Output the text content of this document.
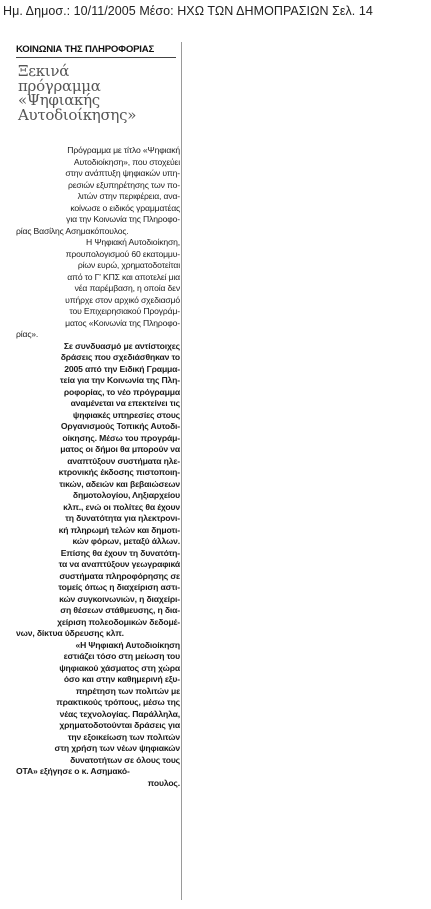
Ημ. Δημοσ.: 10/11/2005 Μέσο: ΗΧΩ ΤΩΝ ΔΗΜΟΠΡΑΣΙΩΝ Σελ. 14
ΚΟΙΝΩΝΙΑ ΤΗΣ ΠΛΗΡΟΦΟΡΙΑΣ
Ξεκινά
πρόγραμμα
«Ψηφιακής
Αυτοδιοίκησης»
Πρόγραμμα με τίτλο «Ψηφιακή
Αυτοδιοίκηση», που στοχεύει
στην ανάπτυξη ψηφιακών υπη-
ρεσιών εξυπηρέτησης των πο-
λιτών στην περιφέρεια, ανα-
κοίνωσε ο ειδικός γραμματέας
για την Κοινωνία της Πληροφο-
ρίας Βασίλης Ασημακόπουλος.
Η Ψηφιακή Αυτοδιοίκηση,
προυπολογισμού 60 εκατομμυ-
ρίων ευρώ, χρηματοδοτείται
από το Γ' ΚΠΣ και αποτελεί μια
νέα παρέμβαση, η οποία δεν
υπήρχε στον αρχικό σχεδιασμό
του Επιχειρησιακού Προγράμ-
ματος «Κοινωνία της Πληροφο-
ρίας».
Σε συνδυασμό με αντίστοιχες
δράσεις που σχεδιάσθηκαν το
2005 από την Ειδική Γραμμα-
τεία για την Κοινωνία της Πλη-
ροφορίας, το νέο πρόγραμμα
αναμένεται να επεκτείνει τις
ψηφιακές υπηρεσίες στους
Οργανισμούς Τοπικής Αυτοδι-
οίκησης. Μέσω του προγράμ-
ματος οι δήμοι θα μπορούν να
αναπτύξουν συστήματα ηλε-
κτρονικής έκδοσης πιστοποιη-
τικών, αδειών και βεβαιώσεων
δημοτολογίου, Ληξιαρχείου
κλπ., ενώ οι πολίτες θα έχουν
τη δυνατότητα για ηλεκτρονι-
κή πληρωμή τελών και δημοτι-
κών φόρων, μεταξύ άλλων.
Επίσης θα έχουν τη δυνατότη-
τα να αναπτύξουν γεωγραφικά
συστήματα πληροφόρησης σε
τομείς όπως η διαχείριση αστι-
κών συγκοινωνιών, η διαχείρι-
ση θέσεων στάθμευσης, η δια-
χείριση πολεοδομικών δεδομέ-
νων, δίκτυα ύδρευσης κλπ.
«Η Ψηφιακή Αυτοδιοίκηση
εστιάζει τόσο στη μείωση του
ψηφιακού χάσματος στη χώρα
όσο και στην καθημερινή εξυ-
πηρέτηση των πολιτών με
πρακτικούς τρόπους, μέσω της
νέας τεχνολογίας. Παράλληλα,
χρηματοδοτούνται δράσεις για
την εξοικείωση των πολιτών
στη χρήση των νέων ψηφιακών
δυνατοτήτων σε όλους τους
ΟΤΑ» εξήγησε ο κ. Ασημακό-
πουλος.
